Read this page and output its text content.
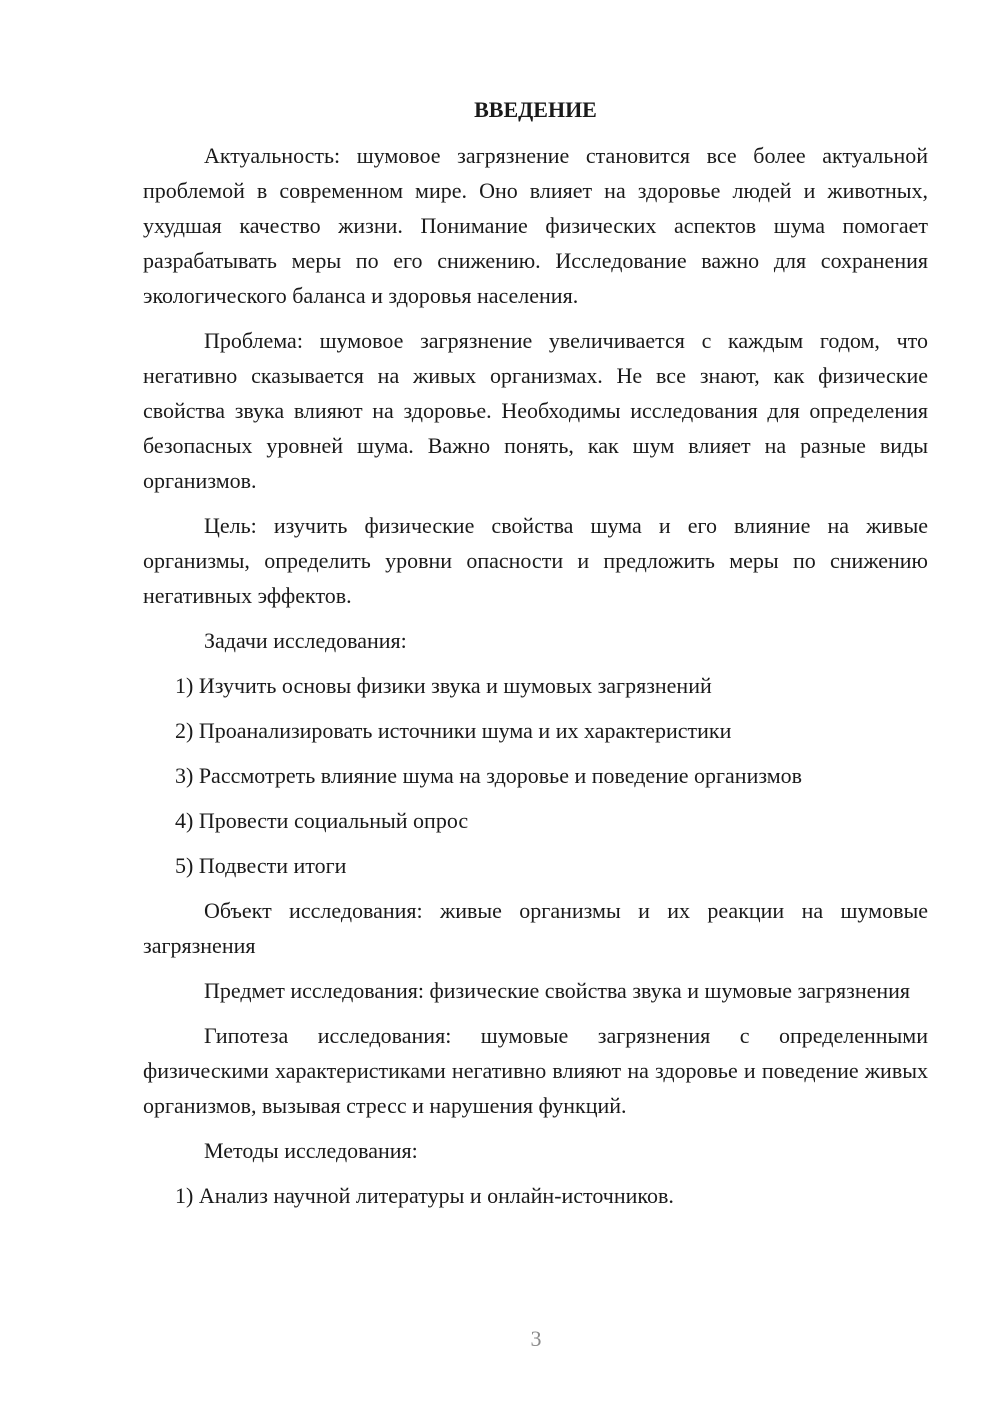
ВВЕДЕНИЕ

Актуальность: шумовое загрязнение становится все более актуальной проблемой в современном мире. Оно влияет на здоровье людей и животных, ухудшая качество жизни. Понимание физических аспектов шума помогает разрабатывать меры по его снижению. Исследование важно для сохранения экологического баланса и здоровья населения.

Проблема: шумовое загрязнение увеличивается с каждым годом, что негативно сказывается на живых организмах. Не все знают, как физические свойства звука влияют на здоровье. Необходимы исследования для определения безопасных уровней шума. Важно понять, как шум влияет на разные виды организмов.

Цель: изучить физические свойства шума и его влияние на живые организмы, определить уровни опасности и предложить меры по снижению негативных эффектов.

Задачи исследования:

1) Изучить основы физики звука и шумовых загрязнений

2) Проанализировать источники шума и их характеристики

3) Рассмотреть влияние шума на здоровье и поведение организмов

4) Провести социальный опрос

5) Подвести итоги

Объект исследования: живые организмы и их реакции на шумовые загрязнения

Предмет исследования: физические свойства звука и шумовые загрязнения

Гипотеза исследования: шумовые загрязнения с определенными физическими характеристиками негативно влияют на здоровье и поведение живых организмов, вызывая стресс и нарушения функций.

Методы исследования:

1) Анализ научной литературы и онлайн-источников.

3
